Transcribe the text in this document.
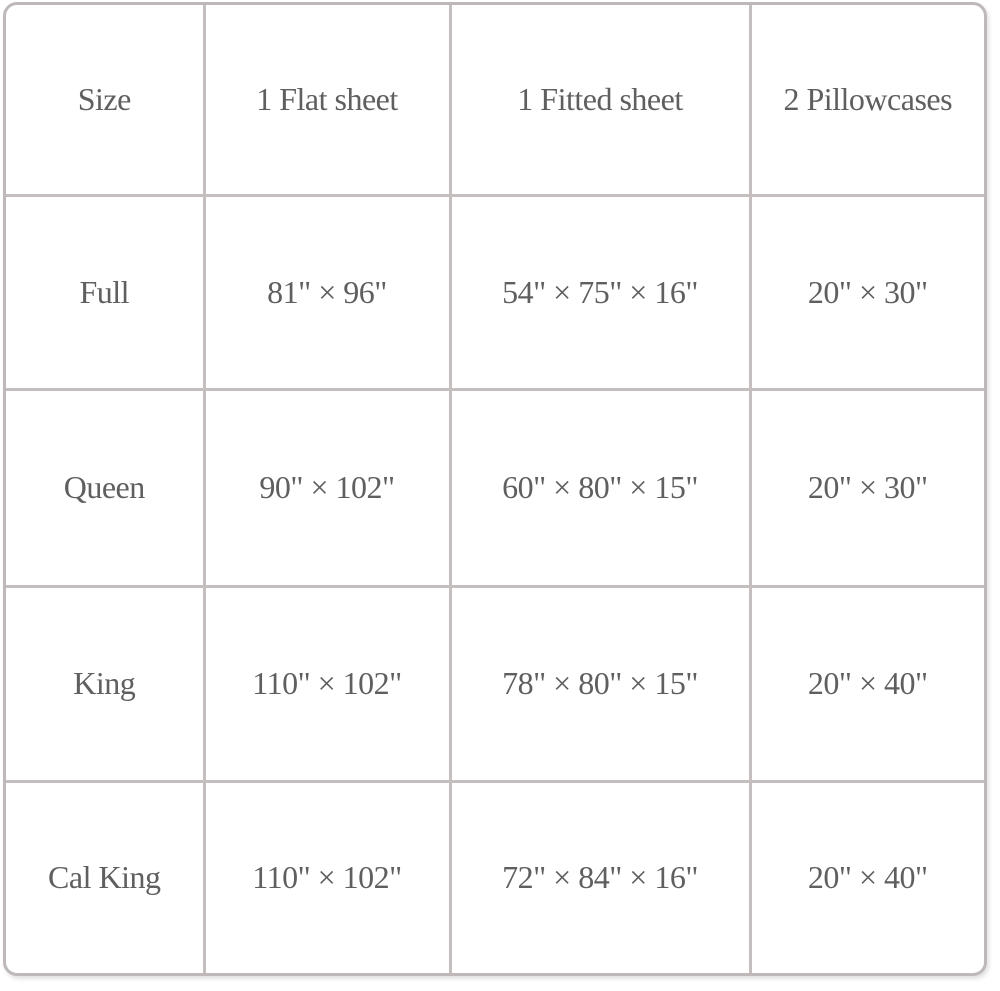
Size	1 Flat sheet	1 Fitted sheet	2 Pillowcases
Full	81" × 96"	54" × 75" × 16"	20" × 30"
Queen	90" × 102"	60" × 80" × 15"	20" × 30"
King	110" × 102"	78" × 80" × 15"	20" × 40"
Cal King	110" × 102"	72" × 84" × 16"	20" × 40"
